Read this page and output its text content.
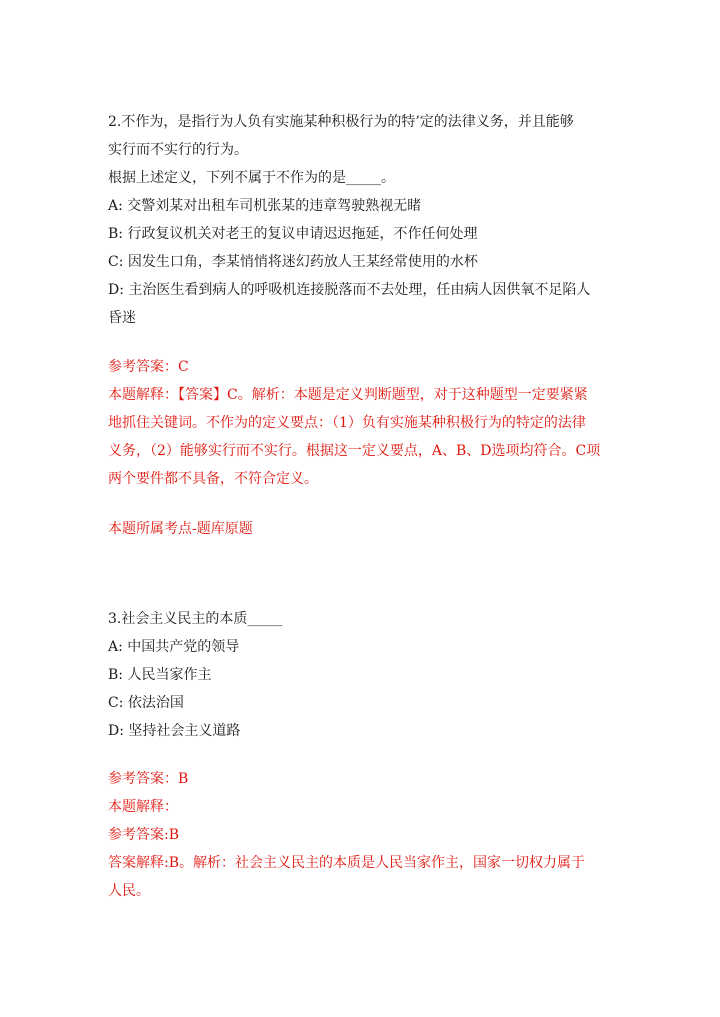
2.不作为，是指行为人负有实施某种积极行为的特’定的法律义务，并且能够
实行而不实行的行为。
根据上述定义，下列不属于不作为的是_____。
A: 交警刘某对出租车司机张某的违章驾驶熟视无睹
B: 行政复议机关对老王的复议申请迟迟拖延，不作任何处理
C: 因发生口角，李某悄悄将迷幻药放人王某经常使用的水杯
D: 主治医生看到病人的呼吸机连接脱落而不去处理，任由病人因供氧不足陷人
昏迷
参考答案：C
本题解释：【答案】C。解析：本题是定义判断题型，对于这种题型一定要紧紧
地抓住关键词。不作为的定义要点：（1）负有实施某种积极行为的特定的法律
义务，（2）能够实行而不实行。根据这一定义要点，A、B、D选项均符合。C项
两个要件都不具备，不符合定义。
本题所属考点-题库原题
3.社会主义民主的本质_____
A: 中国共产党的领导
B: 人民当家作主
C: 依法治国
D: 坚持社会主义道路
参考答案：B
本题解释：
参考答案:B
答案解释:B。解析：社会主义民主的本质是人民当家作主，国家一切权力属于
人民。
